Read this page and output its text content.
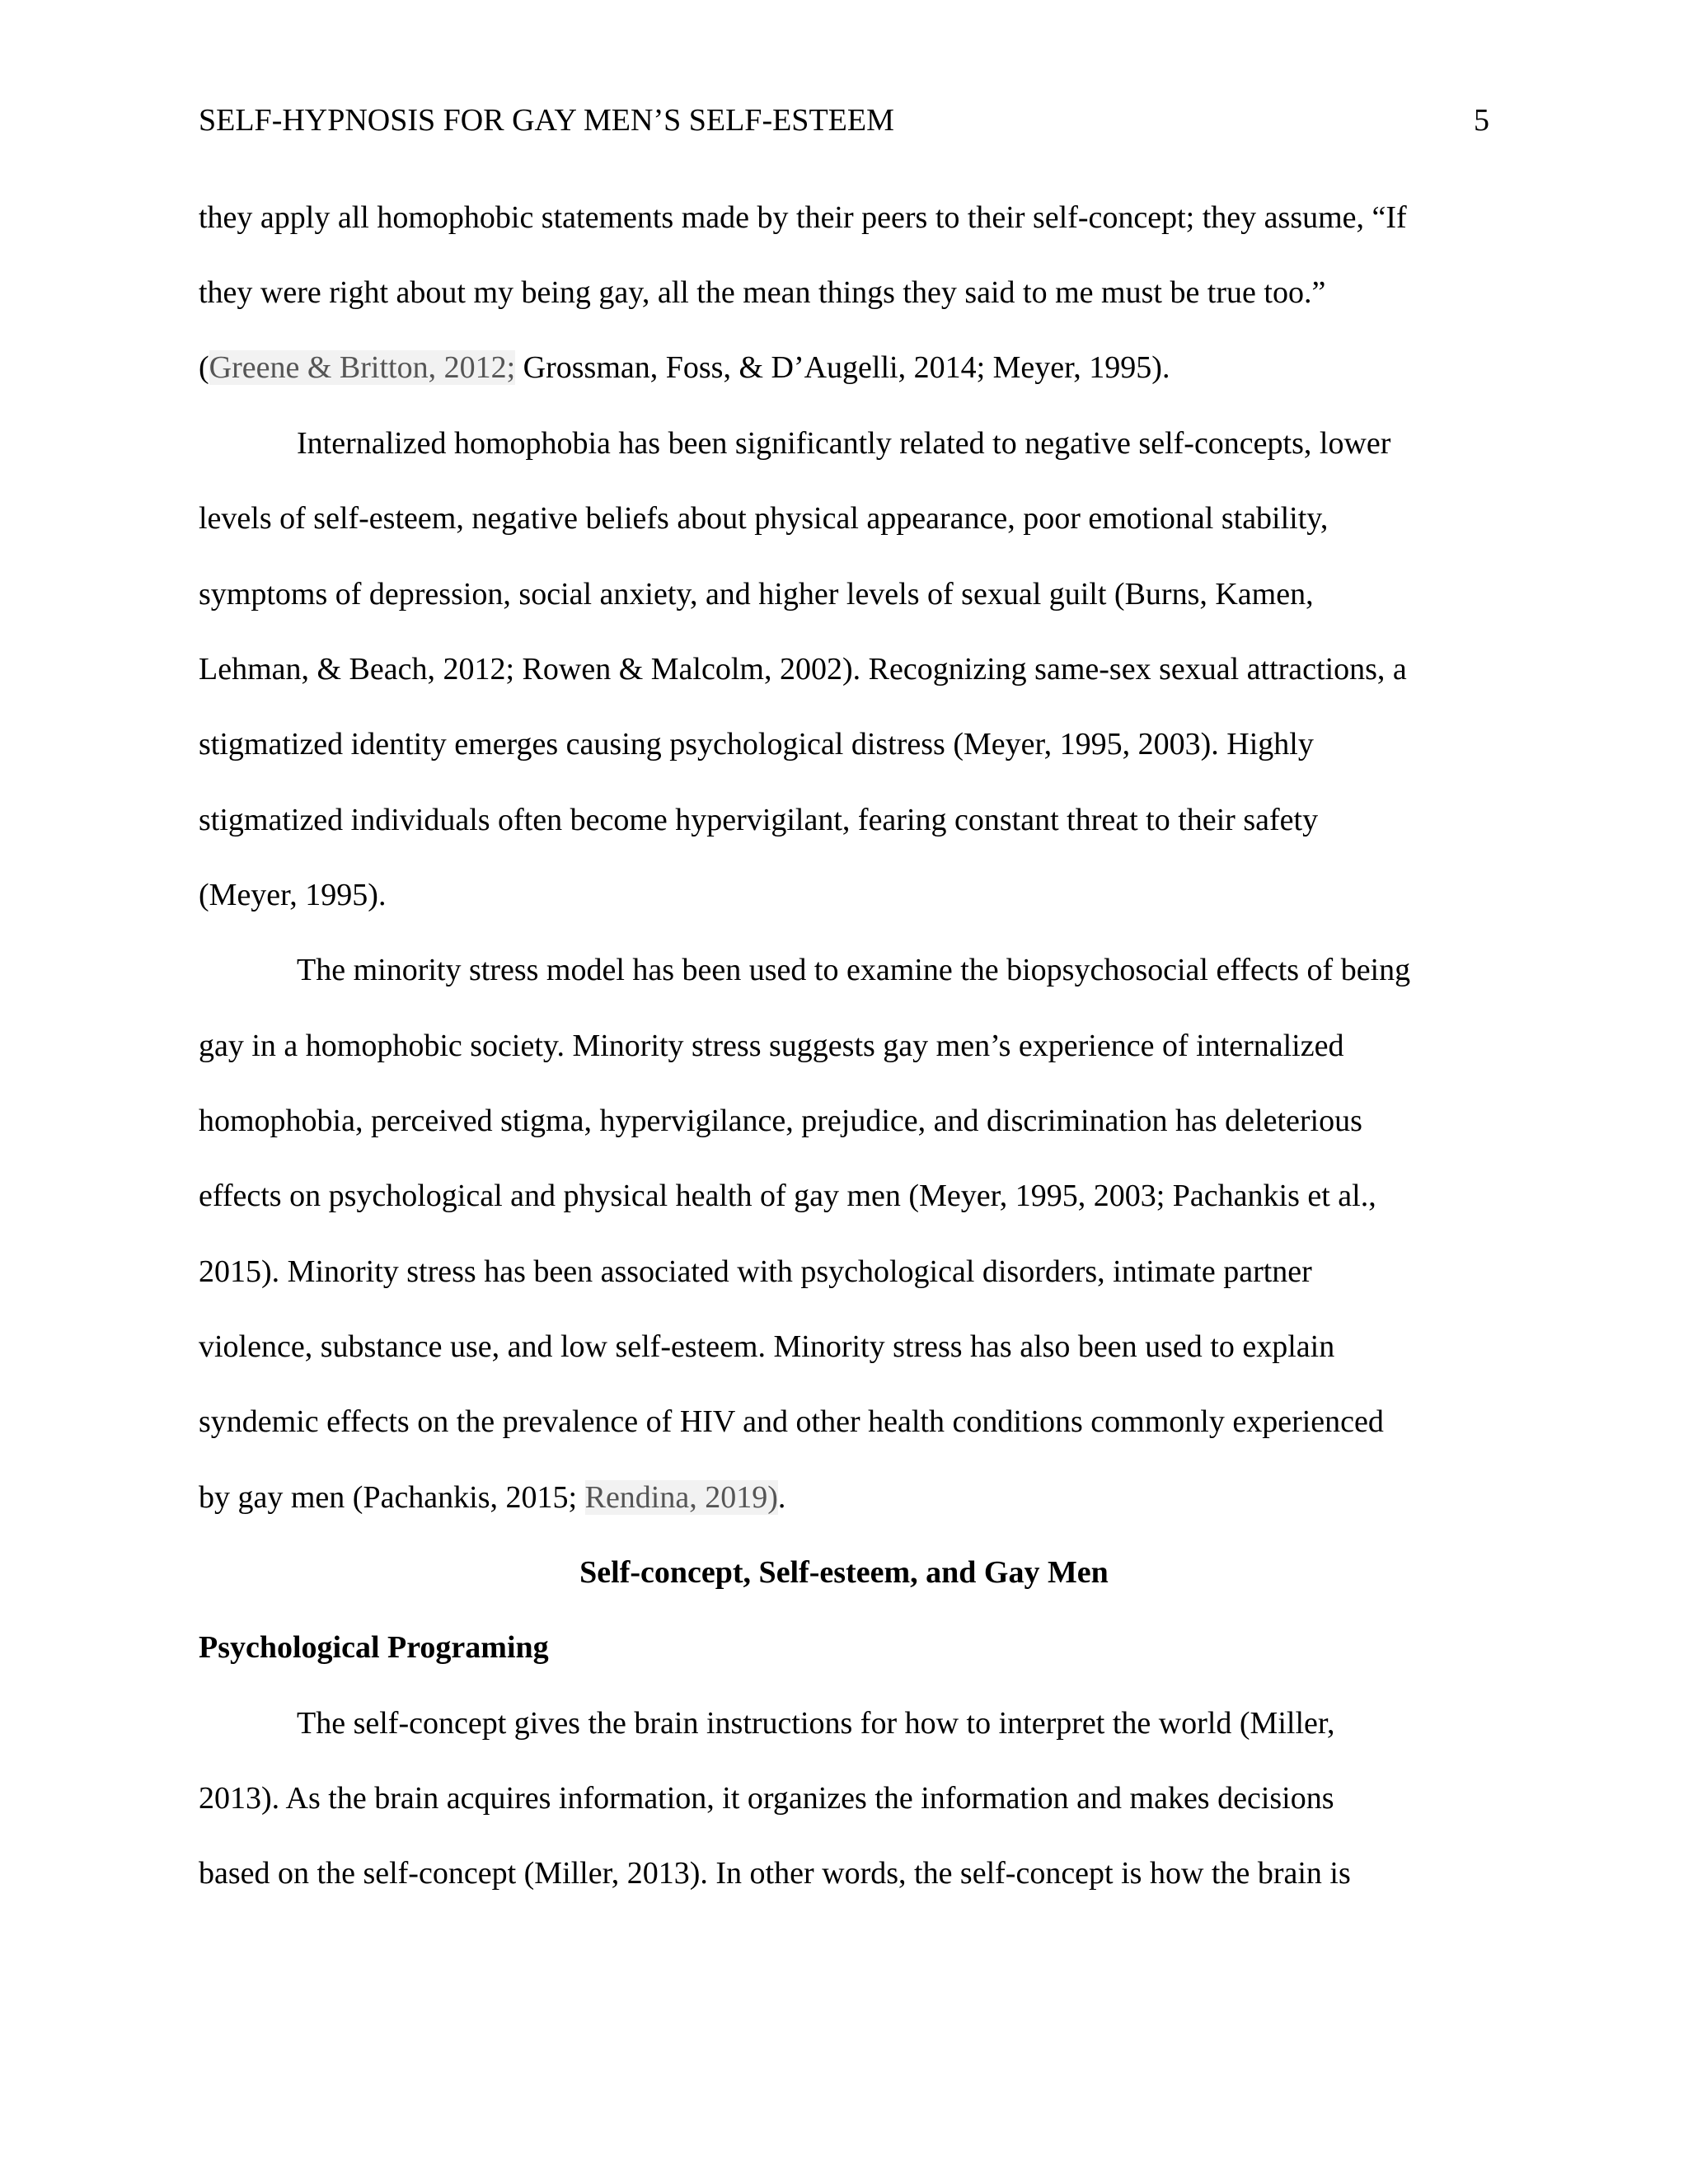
SELF-HYPNOSIS FOR GAY MEN’S SELF-ESTEEM	5
they apply all homophobic statements made by their peers to their self-concept; they assume, “If
they were right about my being gay, all the mean things they said to me must be true too.”
(Greene & Britton, 2012; Grossman, Foss, & D’Augelli, 2014; Meyer, 1995).
Internalized homophobia has been significantly related to negative self-concepts, lower
levels of self-esteem, negative beliefs about physical appearance, poor emotional stability,
symptoms of depression, social anxiety, and higher levels of sexual guilt (Burns, Kamen,
Lehman, & Beach, 2012; Rowen & Malcolm, 2002). Recognizing same-sex sexual attractions, a
stigmatized identity emerges causing psychological distress (Meyer, 1995, 2003). Highly
stigmatized individuals often become hypervigilant, fearing constant threat to their safety
(Meyer, 1995).
The minority stress model has been used to examine the biopsychosocial effects of being
gay in a homophobic society. Minority stress suggests gay men’s experience of internalized
homophobia, perceived stigma, hypervigilance, prejudice, and discrimination has deleterious
effects on psychological and physical health of gay men (Meyer, 1995, 2003; Pachankis et al.,
2015). Minority stress has been associated with psychological disorders, intimate partner
violence, substance use, and low self-esteem. Minority stress has also been used to explain
syndemic effects on the prevalence of HIV and other health conditions commonly experienced
by gay men (Pachankis, 2015; Rendina, 2019).
Self-concept, Self-esteem, and Gay Men
Psychological Programing
The self-concept gives the brain instructions for how to interpret the world (Miller,
2013). As the brain acquires information, it organizes the information and makes decisions
based on the self-concept (Miller, 2013). In other words, the self-concept is how the brain is
